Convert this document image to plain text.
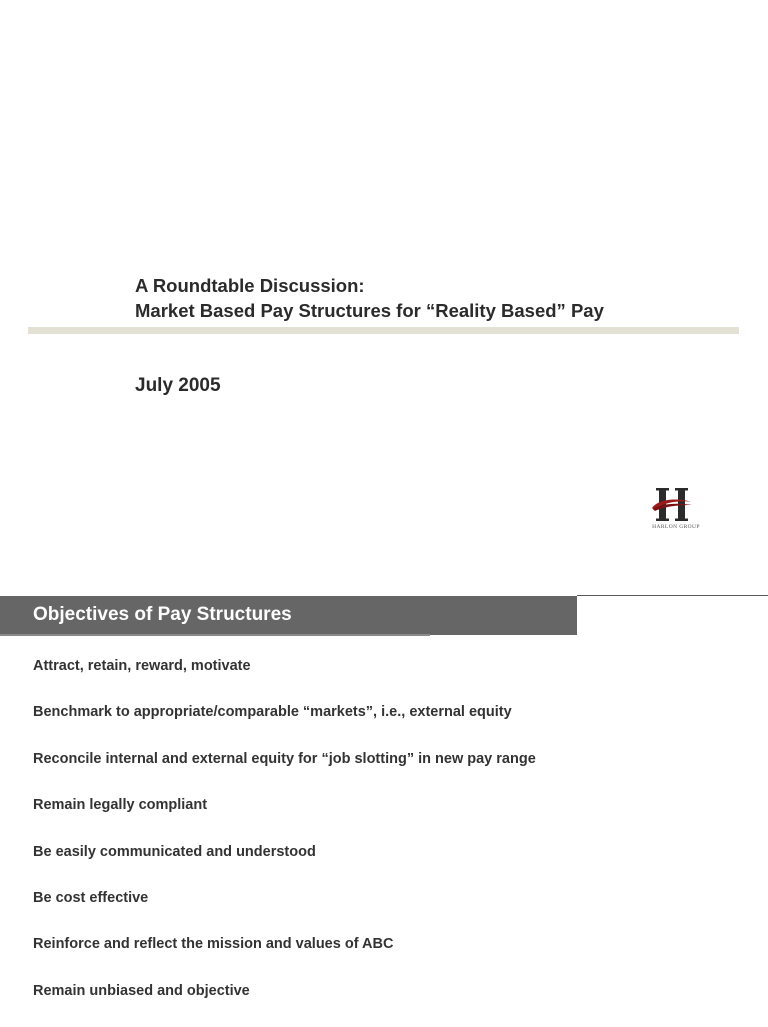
A Roundtable Discussion:
Market Based Pay Structures for “Reality Based” Pay
July 2005
HARLON GROUP
Objectives of Pay Structures
Attract, retain, reward, motivate
Benchmark to appropriate/comparable “markets”, i.e., external equity
Reconcile internal and external equity for “job slotting” in new pay range
Remain legally compliant
Be easily communicated and understood
Be cost effective
Reinforce and reflect the mission and values of ABC
Remain unbiased and objective
